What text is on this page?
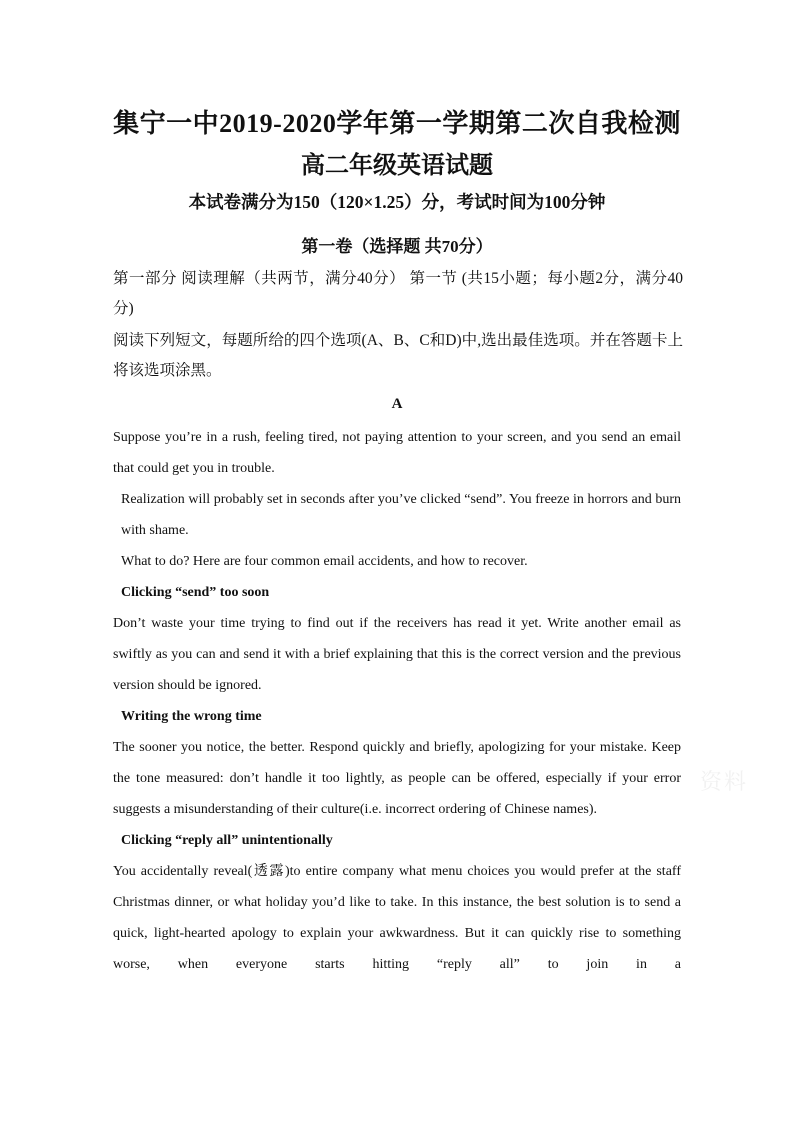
集宁一中2019-2020学年第一学期第二次自我检测
高二年级英语试题
本试卷满分为150（120×1.25）分，考试时间为100分钟
第一卷（选择题 共70分）
第一部分 阅读理解（共两节，满分40分） 第一节 (共15小题；每小题2分，满分40分)
阅读下列短文，每题所给的四个选项(A、B、C和D)中,选出最佳选项。并在答题卡上将该选项涂黑。
A

Suppose you’re in a rush, feeling tired, not paying attention to your screen, and you send an email that could get you in trouble.

Realization will probably set in seconds after you’ve clicked “send”. You freeze in horrors and burn with shame.

What to do? Here are four common email accidents, and how to recover.

Clicking “send” too soon

Don’t waste your time trying to find out if the receivers has read it yet. Write another email as swiftly as you can and send it with a brief explaining that this is the correct version and the previous version should be ignored.

Writing the wrong time

The sooner you notice, the better. Respond quickly and briefly, apologizing for your mistake. Keep the tone measured: don’t handle it too lightly, as people can be offered, especially if your error suggests a misunderstanding of their culture(i.e. incorrect ordering of Chinese names).

Clicking “reply all” unintentionally

You accidentally reveal(透露)to entire company what menu choices you would prefer at the staff Christmas dinner, or what holiday you’d like to take. In this instance, the best solution is to send a quick, light-hearted apology to explain your awkwardness. But it can quickly rise to something worse, when everyone starts hitting “reply all” to join in a

资料
